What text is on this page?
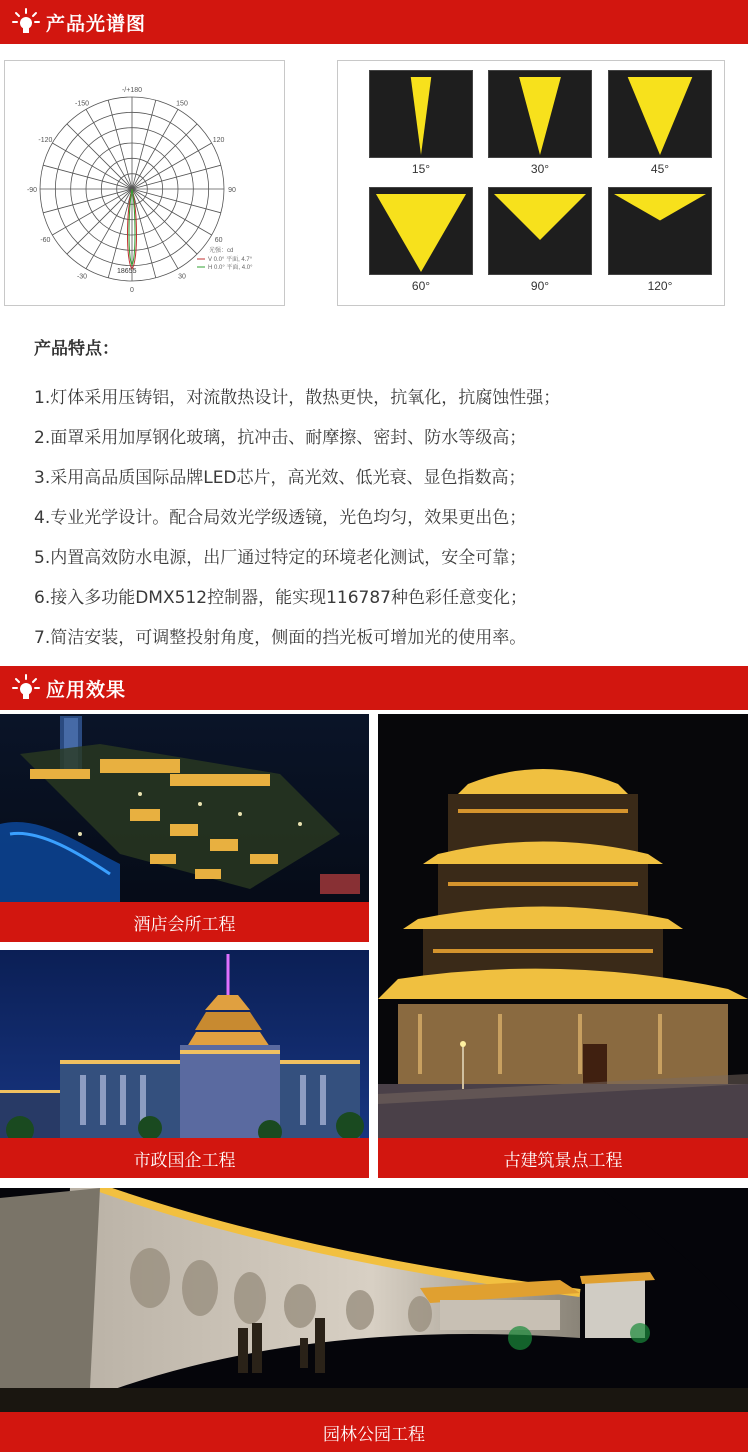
产品光谱图
-/+180
150
-150
120
-120
90
-90
60
-60
30
-30
0
18655
光强：cd
V 0.0° 平面, 4.7°
H 0.0° 平面, 4.0°
15°	30°	45°
60°	90°	120°
产品特点：
1.灯体采用压铸铝，对流散热设计，散热更快，抗氧化，抗腐蚀性强；
2.面罩采用加厚钢化玻璃，抗冲击、耐摩擦、密封、防水等级高；
3.采用高品质国际品牌LED芯片，高光效、低光衰、显色指数高；
4.专业光学设计。配合局效光学级透镜，光色均匀，效果更出色；
5.内置高效防水电源，出厂通过特定的环境老化测试，安全可靠；
6.接入多功能DMX512控制器，能实现116787种色彩任意变化；
7.简洁安装，可调整投射角度，侧面的挡光板可增加光的使用率。
应用效果
酒店会所工程
市政国企工程	古建筑景点工程
园林公园工程
